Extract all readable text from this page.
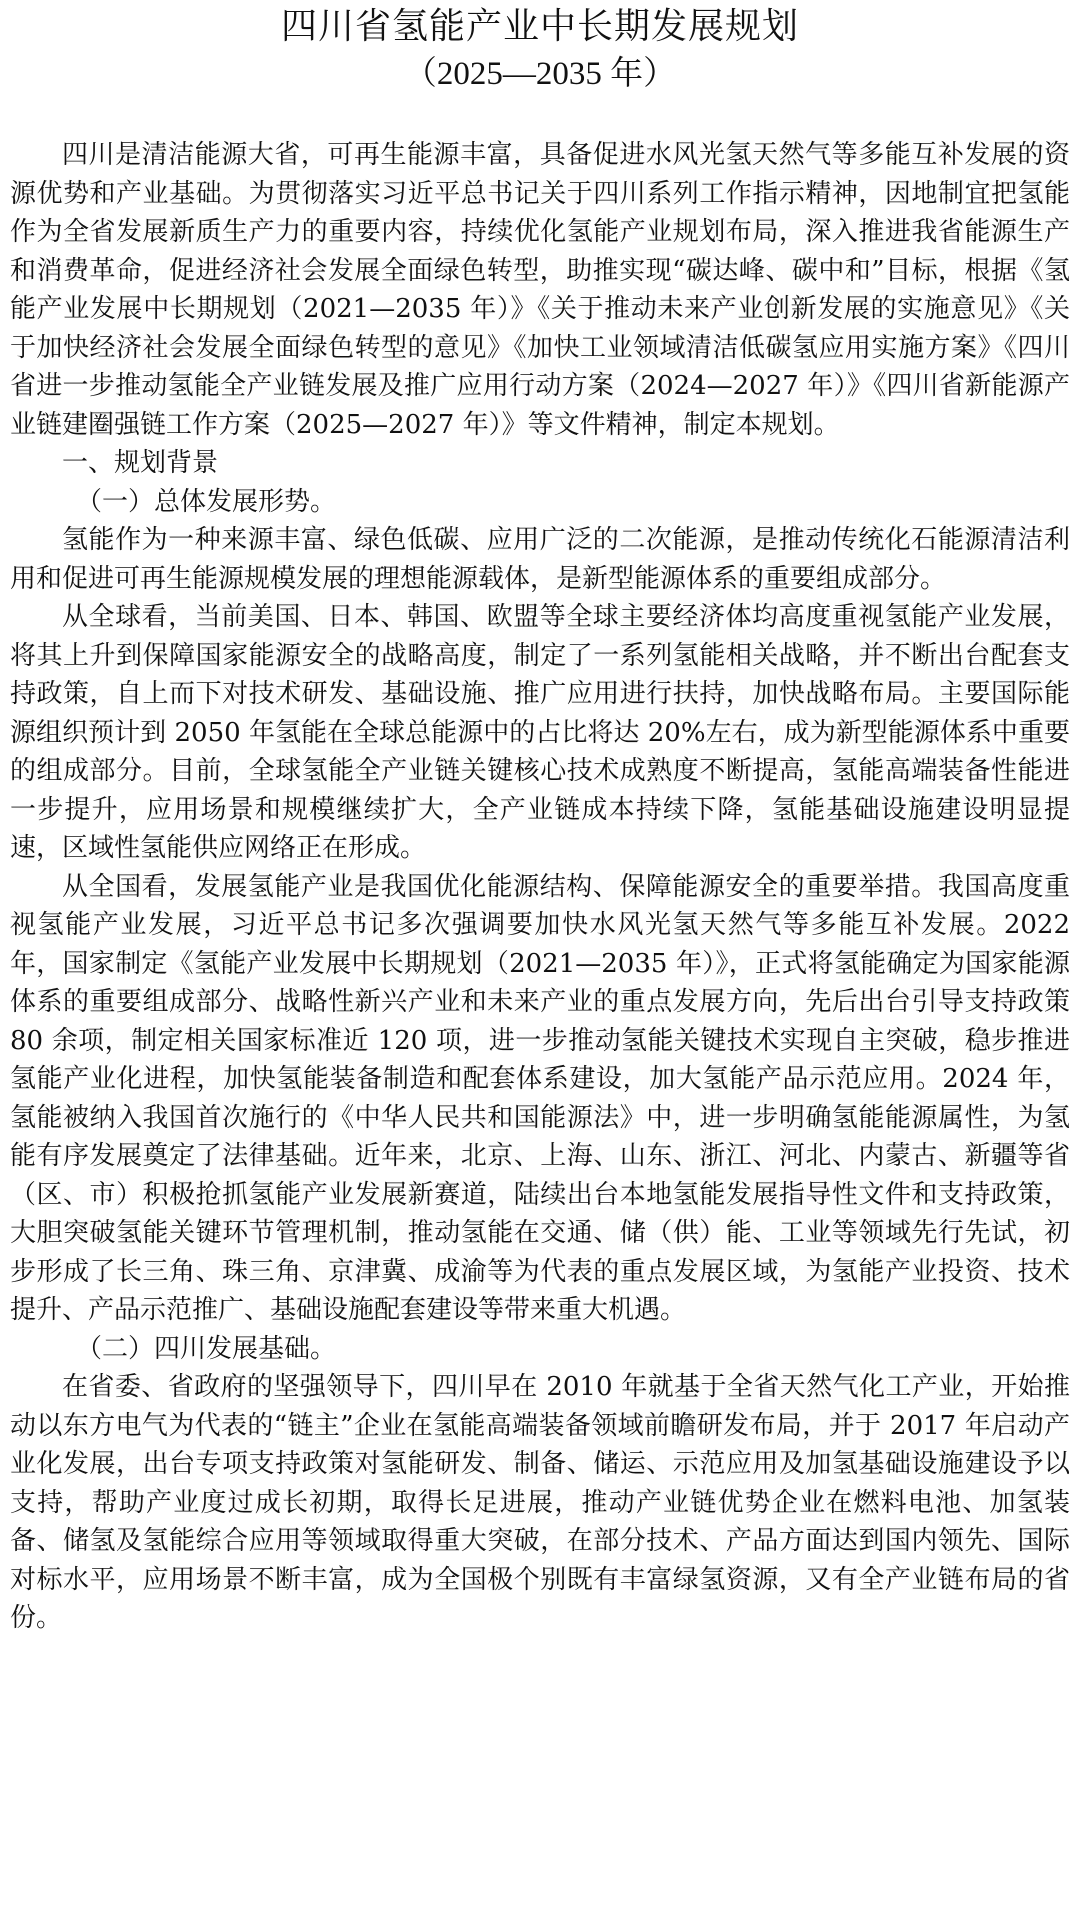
四川省氢能产业中长期发展规划
（2025—2035 年）

四川是清洁能源大省，可再生能源丰富，具备促进水风光氢天然气等多能互补发展的资源优势和产业基础。为贯彻落实习近平总书记关于四川系列工作指示精神，因地制宜把氢能作为全省发展新质生产力的重要内容，持续优化氢能产业规划布局，深入推进我省能源生产和消费革命，促进经济社会发展全面绿色转型，助推实现“碳达峰、碳中和”目标，根据《氢能产业发展中长期规划（2021—2035 年）》《关于推动未来产业创新发展的实施意见》《关于加快经济社会发展全面绿色转型的意见》《加快工业领域清洁低碳氢应用实施方案》《四川省进一步推动氢能全产业链发展及推广应用行动方案（2024—2027 年）》《四川省新能源产业链建圈强链工作方案（2025—2027 年）》等文件精神，制定本规划。

一、规划背景

（一）总体发展形势。

氢能作为一种来源丰富、绿色低碳、应用广泛的二次能源，是推动传统化石能源清洁利用和促进可再生能源规模发展的理想能源载体，是新型能源体系的重要组成部分。

从全球看，当前美国、日本、韩国、欧盟等全球主要经济体均高度重视氢能产业发展，将其上升到保障国家能源安全的战略高度，制定了一系列氢能相关战略，并不断出台配套支持政策，自上而下对技术研发、基础设施、推广应用进行扶持，加快战略布局。主要国际能源组织预计到 2050 年氢能在全球总能源中的占比将达 20%左右，成为新型能源体系中重要的组成部分。目前，全球氢能全产业链关键核心技术成熟度不断提高，氢能高端装备性能进一步提升，应用场景和规模继续扩大，全产业链成本持续下降，氢能基础设施建设明显提速，区域性氢能供应网络正在形成。

从全国看，发展氢能产业是我国优化能源结构、保障能源安全的重要举措。我国高度重视氢能产业发展，习近平总书记多次强调要加快水风光氢天然气等多能互补发展。2022 年，国家制定《氢能产业发展中长期规划（2021—2035 年）》，正式将氢能确定为国家能源体系的重要组成部分、战略性新兴产业和未来产业的重点发展方向，先后出台引导支持政策 80 余项，制定相关国家标准近 120 项，进一步推动氢能关键技术实现自主突破，稳步推进氢能产业化进程，加快氢能装备制造和配套体系建设，加大氢能产品示范应用。2024 年，氢能被纳入我国首次施行的《中华人民共和国能源法》中，进一步明确氢能能源属性，为氢能有序发展奠定了法律基础。近年来，北京、上海、山东、浙江、河北、内蒙古、新疆等省（区、市）积极抢抓氢能产业发展新赛道，陆续出台本地氢能发展指导性文件和支持政策，大胆突破氢能关键环节管理机制，推动氢能在交通、储（供）能、工业等领域先行先试，初步形成了长三角、珠三角、京津冀、成渝等为代表的重点发展区域，为氢能产业投资、技术提升、产品示范推广、基础设施配套建设等带来重大机遇。

（二）四川发展基础。

在省委、省政府的坚强领导下，四川早在 2010 年就基于全省天然气化工产业，开始推动以东方电气为代表的“链主”企业在氢能高端装备领域前瞻研发布局，并于 2017 年启动产业化发展，出台专项支持政策对氢能研发、制备、储运、示范应用及加氢基础设施建设予以支持，帮助产业度过成长初期，取得长足进展，推动产业链优势企业在燃料电池、加氢装备、储氢及氢能综合应用等领域取得重大突破，在部分技术、产品方面达到国内领先、国际对标水平，应用场景不断丰富，成为全国极个别既有丰富绿氢资源，又有全产业链布局的省份。
